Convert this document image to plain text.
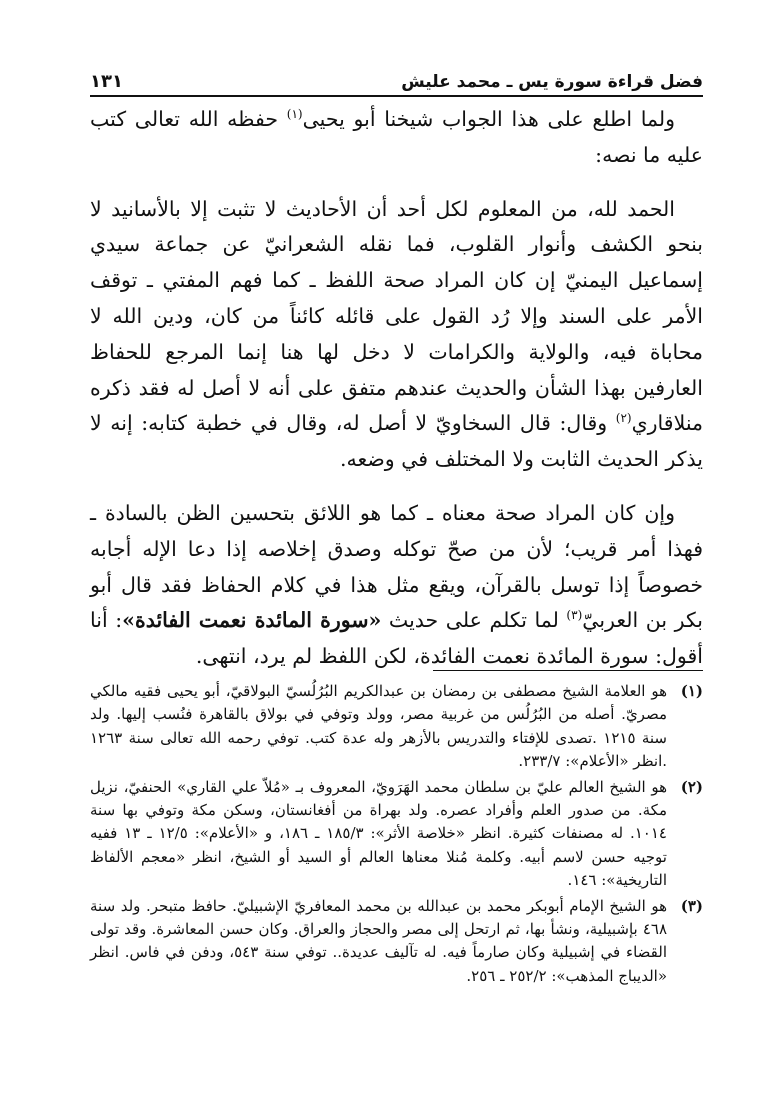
فضل قراءة سورة يس ـ محمد عليش
١٣١

ولما اطلع على هذا الجواب شيخنا أبو يحيى$^{(١)}$ حفظه الله تعالى كتب عليه ما نصه:

الحمد لله، من المعلوم لكل أحد أن الأحاديث لا تثبت إلا بالأسانيد لا بنحو الكشف وأنوار القلوب، فما نقله الشعرانيّ عن جماعة سيدي إسماعيل اليمنيّ إن كان المراد صحة اللفظ ـ كما فهم المفتي ـ توقف الأمر على السند وإلا رُد القول على قائله كائناً من كان، ودين الله لا محاباة فيه، والولاية والكرامات لا دخل لها هنا إنما المرجع للحفاظ العارفين بهذا الشأن والحديث عندهم متفق على أنه لا أصل له فقد ذكره منلاقاري$^{(٢)}$ وقال: قال السخاويّ لا أصل له، وقال في خطبة كتابه: إنه لا يذكر الحديث الثابت ولا المختلف في وضعه.

وإن كان المراد صحة معناه ـ كما هو اللائق بتحسين الظن بالسادة ـ فهذا أمر قريب؛ لأن من صحّ توكله وصدق إخلاصه إذا دعا الإله أجابه خصوصاً إذا توسل بالقرآن، ويقع مثل هذا في كلام الحفاظ فقد قال أبو بكر بن العربيّ$^{(٣)}$ لما تكلم على حديث «سورة المائدة نعمت الفائدة»: أنا أقول: سورة المائدة نعمت الفائدة، لكن اللفظ لم يرد، انتهى.

(١)
هو العلامة الشيخ مصطفى بن رمضان بن عبدالكريم البُرُلُسيّ البولاقيّ، أبو يحيى فقيه مالكي مصريّ. أصله من البُرُلُس من غربية مصر، وولد وتوفي في بولاق بالقاهرة فنُسب إليها. ولد سنة ١٢١٥ .تصدى للإفتاء والتدريس بالأزهر وله عدة كتب. توفي رحمه الله تعالى سنة ١٢٦٣ .انظر «الأعلام»: ٢٣٣/٧.
(٢)
هو الشيخ العالم عليّ بن سلطان محمد الهَرَويّ، المعروف بـ «مُلاّ علي القاري» الحنفيّ، نزيل مكة. من صدور العلم وأفراد عصره. ولد بهراة من أفغانستان، وسكن مكة وتوفي بها سنة ١٠١٤. له مصنفات كثيرة. انظر «خلاصة الأثر»: ١٨٥/٣ ـ ١٨٦، و «الأعلام»: ١٢/٥ ـ ١٣ ففيه توجيه حسن لاسم أبيه. وكلمة مُنلا معناها العالم أو السيد أو الشيخ، انظر «معجم الألفاظ التاريخية»: ١٤٦.
(٣)
هو الشيخ الإمام أبوبكر محمد بن عبدالله بن محمد المعافريّ الإشبيليّ. حافظ متبحر. ولد سنة ٤٦٨ بإشبيلية، ونشأ بها، ثم ارتحل إلى مصر والحجاز والعراق. وكان حسن المعاشرة. وقد تولى القضاء في إشبيلية وكان صارماً فيه. له تآليف عديدة.. توفي سنة ٥٤٣، ودفن في فاس. انظر «الديباج المذهب»: ٢٥٢/٢ ـ ٢٥٦.
